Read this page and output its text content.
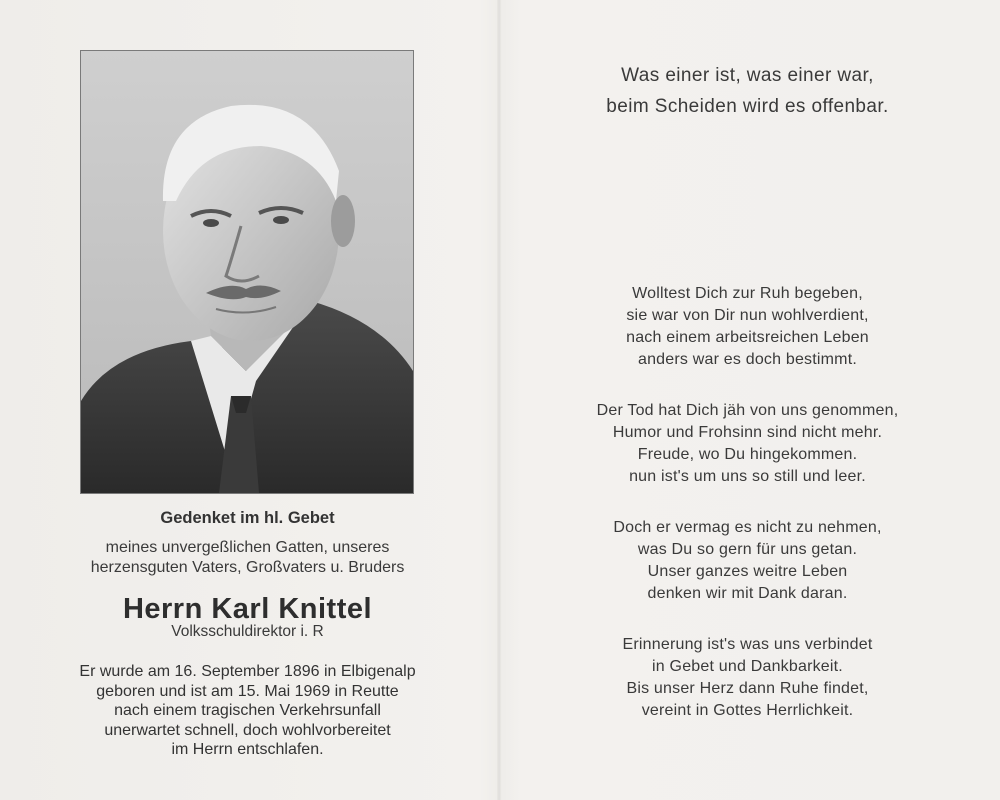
Gedenket im hl. Gebet
meines unvergeßlichen Gatten, unseres
herzensguten Vaters, Großvaters u. Bruders
Herrn Karl Knittel
Volksschuldirektor i. R
Er wurde am 16. September 1896 in Elbigenalp
geboren und ist am 15. Mai 1969 in Reutte
nach einem tragischen Verkehrsunfall
unerwartet schnell, doch wohlvorbereitet
im Herrn entschlafen.
Was einer ist, was einer war,
beim Scheiden wird es offenbar.
Wolltest Dich zur Ruh begeben,
sie war von Dir nun wohlverdient,
nach einem arbeitsreichen Leben
anders war es doch bestimmt.
Der Tod hat Dich jäh von uns genommen,
Humor und Frohsinn sind nicht mehr.
Freude, wo Du hingekommen.
nun ist's um uns so still und leer.
Doch er vermag es nicht zu nehmen,
was Du so gern für uns getan.
Unser ganzes weitre Leben
denken wir mit Dank daran.
Erinnerung ist's was uns verbindet
in Gebet und Dankbarkeit.
Bis unser Herz dann Ruhe findet,
vereint in Gottes Herrlichkeit.
